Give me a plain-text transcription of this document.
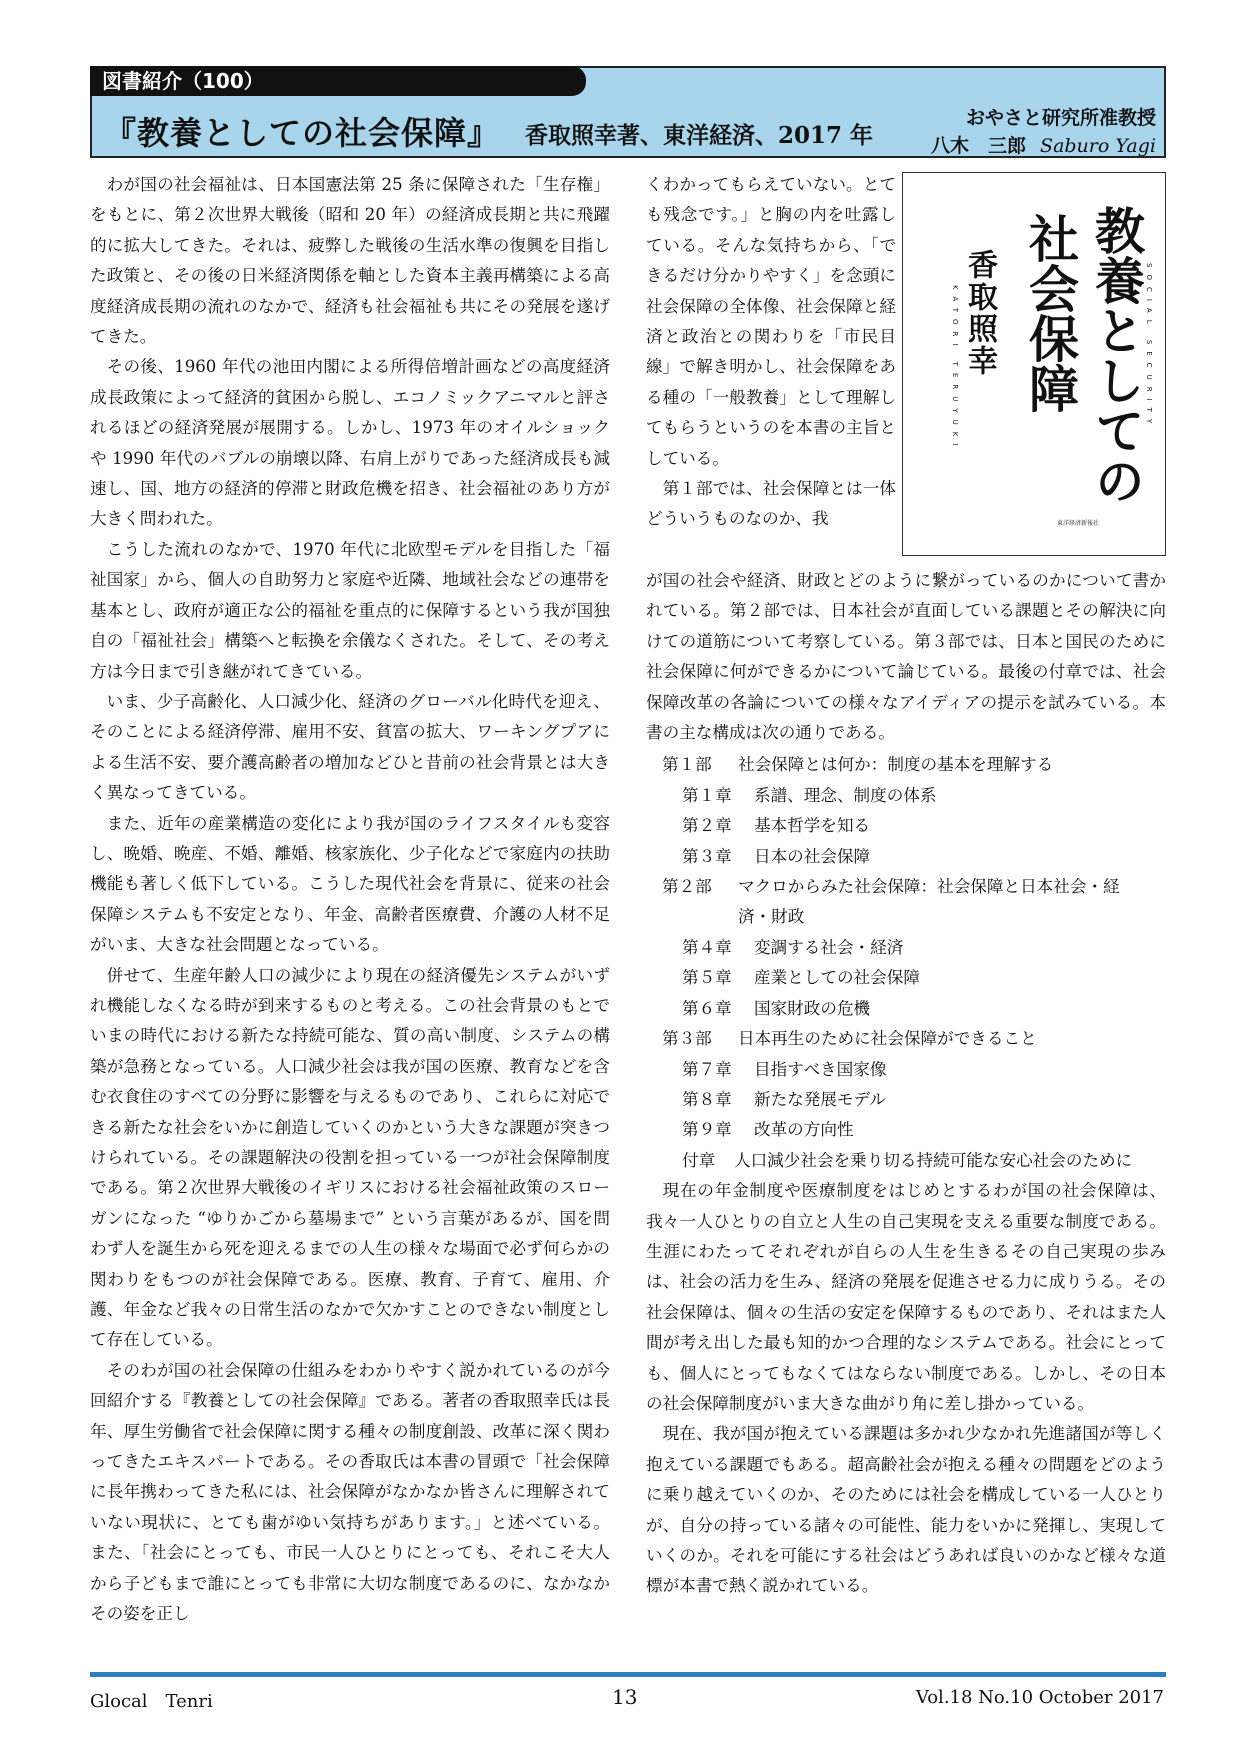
図書紹介（100）
『教養としての社会保障』 香取照幸著、東洋経済、2017 年
おやさと研究所准教授
八木　三郎 Saburo Yagi

わが国の社会福祉は、日本国憲法第 25 条に保障された「生存権」をもとに、第２次世界大戦後（昭和 20 年）の経済成長期と共に飛躍的に拡大してきた。それは、疲弊した戦後の生活水準の復興を目指した政策と、その後の日米経済関係を軸とした資本主義再構築による高度経済成長期の流れのなかで、経済も社会福祉も共にその発展を遂げてきた。

その後、1960 年代の池田内閣による所得倍増計画などの高度経済成長政策によって経済的貧困から脱し、エコノミックアニマルと評されるほどの経済発展が展開する。しかし、1973 年のオイルショックや 1990 年代のバブルの崩壊以降、右肩上がりであった経済成長も減速し、国、地方の経済的停滞と財政危機を招き、社会福祉のあり方が大きく問われた。

こうした流れのなかで、1970 年代に北欧型モデルを目指した「福祉国家」から、個人の自助努力と家庭や近隣、地域社会などの連帯を基本とし、政府が適正な公的福祉を重点的に保障するという我が国独自の「福祉社会」構築へと転換を余儀なくされた。そして、その考え方は今日まで引き継がれてきている。

いま、少子高齢化、人口減少化、経済のグローバル化時代を迎え、そのことによる経済停滞、雇用不安、貧富の拡大、ワーキングプアによる生活不安、要介護高齢者の増加などひと昔前の社会背景とは大きく異なってきている。

また、近年の産業構造の変化により我が国のライフスタイルも変容し、晩婚、晩産、不婚、離婚、核家族化、少子化などで家庭内の扶助機能も著しく低下している。こうした現代社会を背景に、従来の社会保障システムも不安定となり、年金、高齢者医療費、介護の人材不足がいま、大きな社会問題となっている。

併せて、生産年齢人口の減少により現在の経済優先システムがいずれ機能しなくなる時が到来するものと考える。この社会背景のもとでいまの時代における新たな持続可能な、質の高い制度、システムの構築が急務となっている。人口減少社会は我が国の医療、教育などを含む衣食住のすべての分野に影響を与えるものであり、これらに対応できる新たな社会をいかに創造していくのかという大きな課題が突きつけられている。その課題解決の役割を担っている一つが社会保障制度である。第２次世界大戦後のイギリスにおける社会福祉政策のスローガンになった “ゆりかごから墓場まで” という言葉があるが、国を問わず人を誕生から死を迎えるまでの人生の様々な場面で必ず何らかの関わりをもつのが社会保障である。医療、教育、子育て、雇用、介護、年金など我々の日常生活のなかで欠かすことのできない制度として存在している。

そのわが国の社会保障の仕組みをわかりやすく説かれているのが今回紹介する『教養としての社会保障』である。著者の香取照幸氏は長年、厚生労働省で社会保障に関する種々の制度創設、改革に深く関わってきたエキスパートである。その香取氏は本書の冒頭で「社会保障に長年携わってきた私には、社会保障がなかなか皆さんに理解されていない現状に、とても歯がゆい気持ちがあります。」と述べている。また、「社会にとっても、市民一人ひとりにとっても、それこそ大人から子どもまで誰にとっても非常に大切な制度であるのに、なかなかその姿を正し

くわかってもらえていない。とても残念です。」と胸の内を吐露している。そんな気持ちから、「できるだけ分かりやすく」を念頭に社会保障の全体像、社会保障と経済と政治との関わりを「市民目線」で解き明かし、社会保障をある種の「一般教養」として理解してもらうというのを本書の主旨としている。

第１部では、社会保障とは一体どういうものなのか、我

教養としての
社会保障
香取照幸
KATORI TERUYUKI	SOCIAL SECURITY
東洋経済新報社

が国の社会や経済、財政とどのように繋がっているのかについて書かれている。第２部では、日本社会が直面している課題とその解決に向けての道筋について考察している。第３部では、日本と国民のために社会保障に何ができるかについて論じている。最後の付章では、社会保障改革の各論についての様々なアイディアの提示を試みている。本書の主な構成は次の通りである。

第１部	社会保障とは何か：制度の基本を理解する
第１章	系譜、理念、制度の体系
第２章	基本哲学を知る
第３章	日本の社会保障
第２部	マクロからみた社会保障：社会保障と日本社会・経
済・財政
第４章	変調する社会・経済
第５章	産業としての社会保障
第６章	国家財政の危機
第３部	日本再生のために社会保障ができること
第７章	目指すべき国家像
第８章	新たな発展モデル
第９章	改革の方向性
付章	人口減少社会を乗り切る持続可能な安心社会のために

現在の年金制度や医療制度をはじめとするわが国の社会保障は、我々一人ひとりの自立と人生の自己実現を支える重要な制度である。生涯にわたってそれぞれが自らの人生を生きるその自己実現の歩みは、社会の活力を生み、経済の発展を促進させる力に成りうる。その社会保障は、個々の生活の安定を保障するものであり、それはまた人間が考え出した最も知的かつ合理的なシステムである。社会にとっても、個人にとってもなくてはならない制度である。しかし、その日本の社会保障制度がいま大きな曲がり角に差し掛かっている。

現在、我が国が抱えている課題は多かれ少なかれ先進諸国が等しく抱えている課題でもある。超高齢社会が抱える種々の問題をどのように乗り越えていくのか、そのためには社会を構成している一人ひとりが、自分の持っている諸々の可能性、能力をいかに発揮し、実現していくのか。それを可能にする社会はどうあれば良いのかなど様々な道標が本書で熱く説かれている。

Glocal　Tenri	13	Vol.18 No.10 October 2017
